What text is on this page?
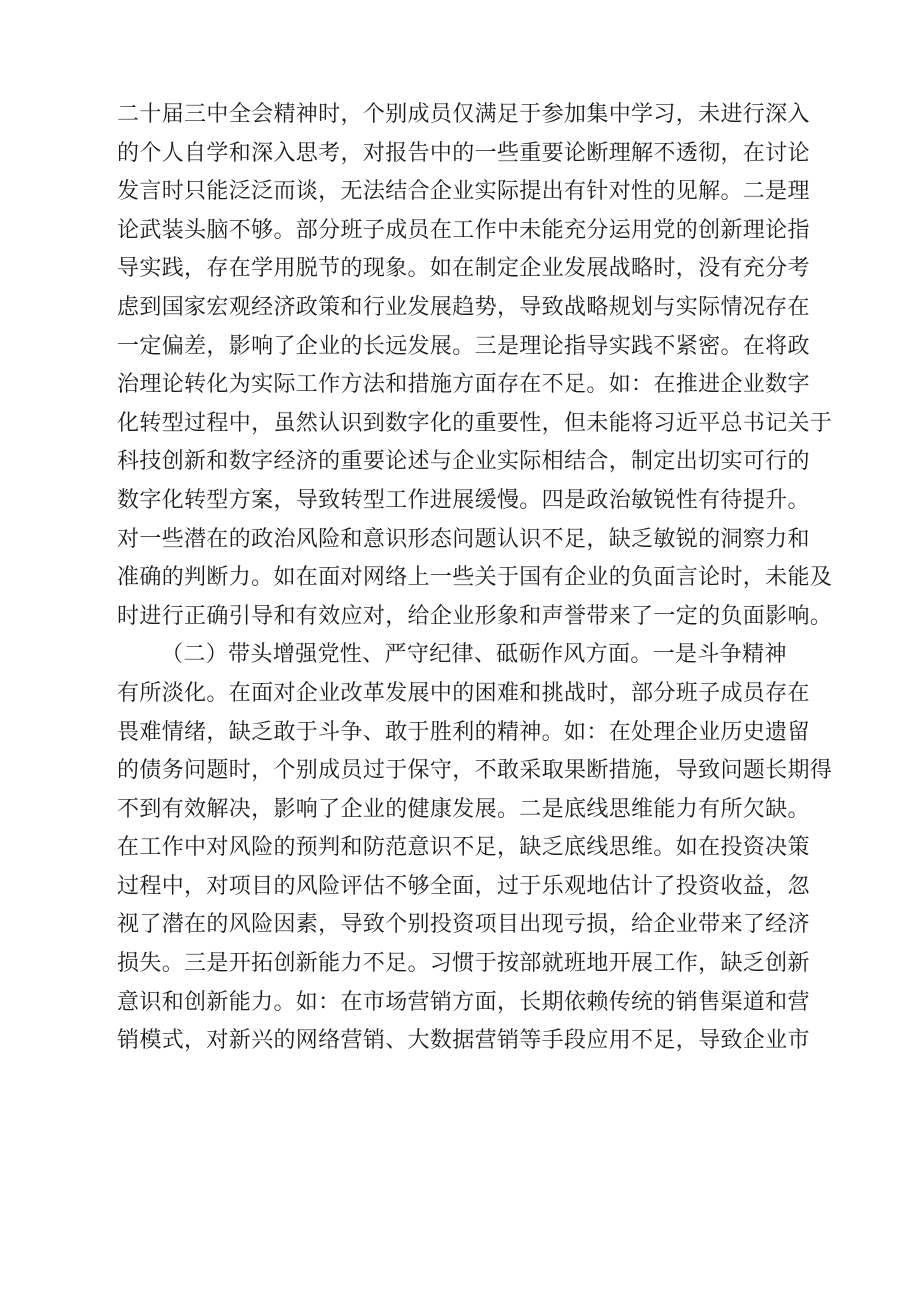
二十届三中全会精神时，个别成员仅满足于参加集中学习，未进行深入
的个人自学和深入思考，对报告中的一些重要论断理解不透彻，在讨论
发言时只能泛泛而谈，无法结合企业实际提出有针对性的见解。二是理
论武装头脑不够。部分班子成员在工作中未能充分运用党的创新理论指
导实践，存在学用脱节的现象。如在制定企业发展战略时，没有充分考
虑到国家宏观经济政策和行业发展趋势，导致战略规划与实际情况存在
一定偏差，影响了企业的长远发展。三是理论指导实践不紧密。在将政
治理论转化为实际工作方法和措施方面存在不足。如：在推进企业数字
化转型过程中，虽然认识到数字化的重要性，但未能将习近平总书记关于
科技创新和数字经济的重要论述与企业实际相结合，制定出切实可行的
数字化转型方案，导致转型工作进展缓慢。四是政治敏锐性有待提升。
对一些潜在的政治风险和意识形态问题认识不足，缺乏敏锐的洞察力和
准确的判断力。如在面对网络上一些关于国有企业的负面言论时，未能及
时进行正确引导和有效应对，给企业形象和声誉带来了一定的负面影响。
（二）带头增强党性、严守纪律、砥砺作风方面。一是斗争精神
有所淡化。在面对企业改革发展中的困难和挑战时，部分班子成员存在
畏难情绪，缺乏敢于斗争、敢于胜利的精神。如：在处理企业历史遗留
的债务问题时，个别成员过于保守，不敢采取果断措施，导致问题长期得
不到有效解决，影响了企业的健康发展。二是底线思维能力有所欠缺。
在工作中对风险的预判和防范意识不足，缺乏底线思维。如在投资决策
过程中，对项目的风险评估不够全面，过于乐观地估计了投资收益，忽
视了潜在的风险因素，导致个别投资项目出现亏损，给企业带来了经济
损失。三是开拓创新能力不足。习惯于按部就班地开展工作，缺乏创新
意识和创新能力。如：在市场营销方面，长期依赖传统的销售渠道和营
销模式，对新兴的网络营销、大数据营销等手段应用不足，导致企业市
